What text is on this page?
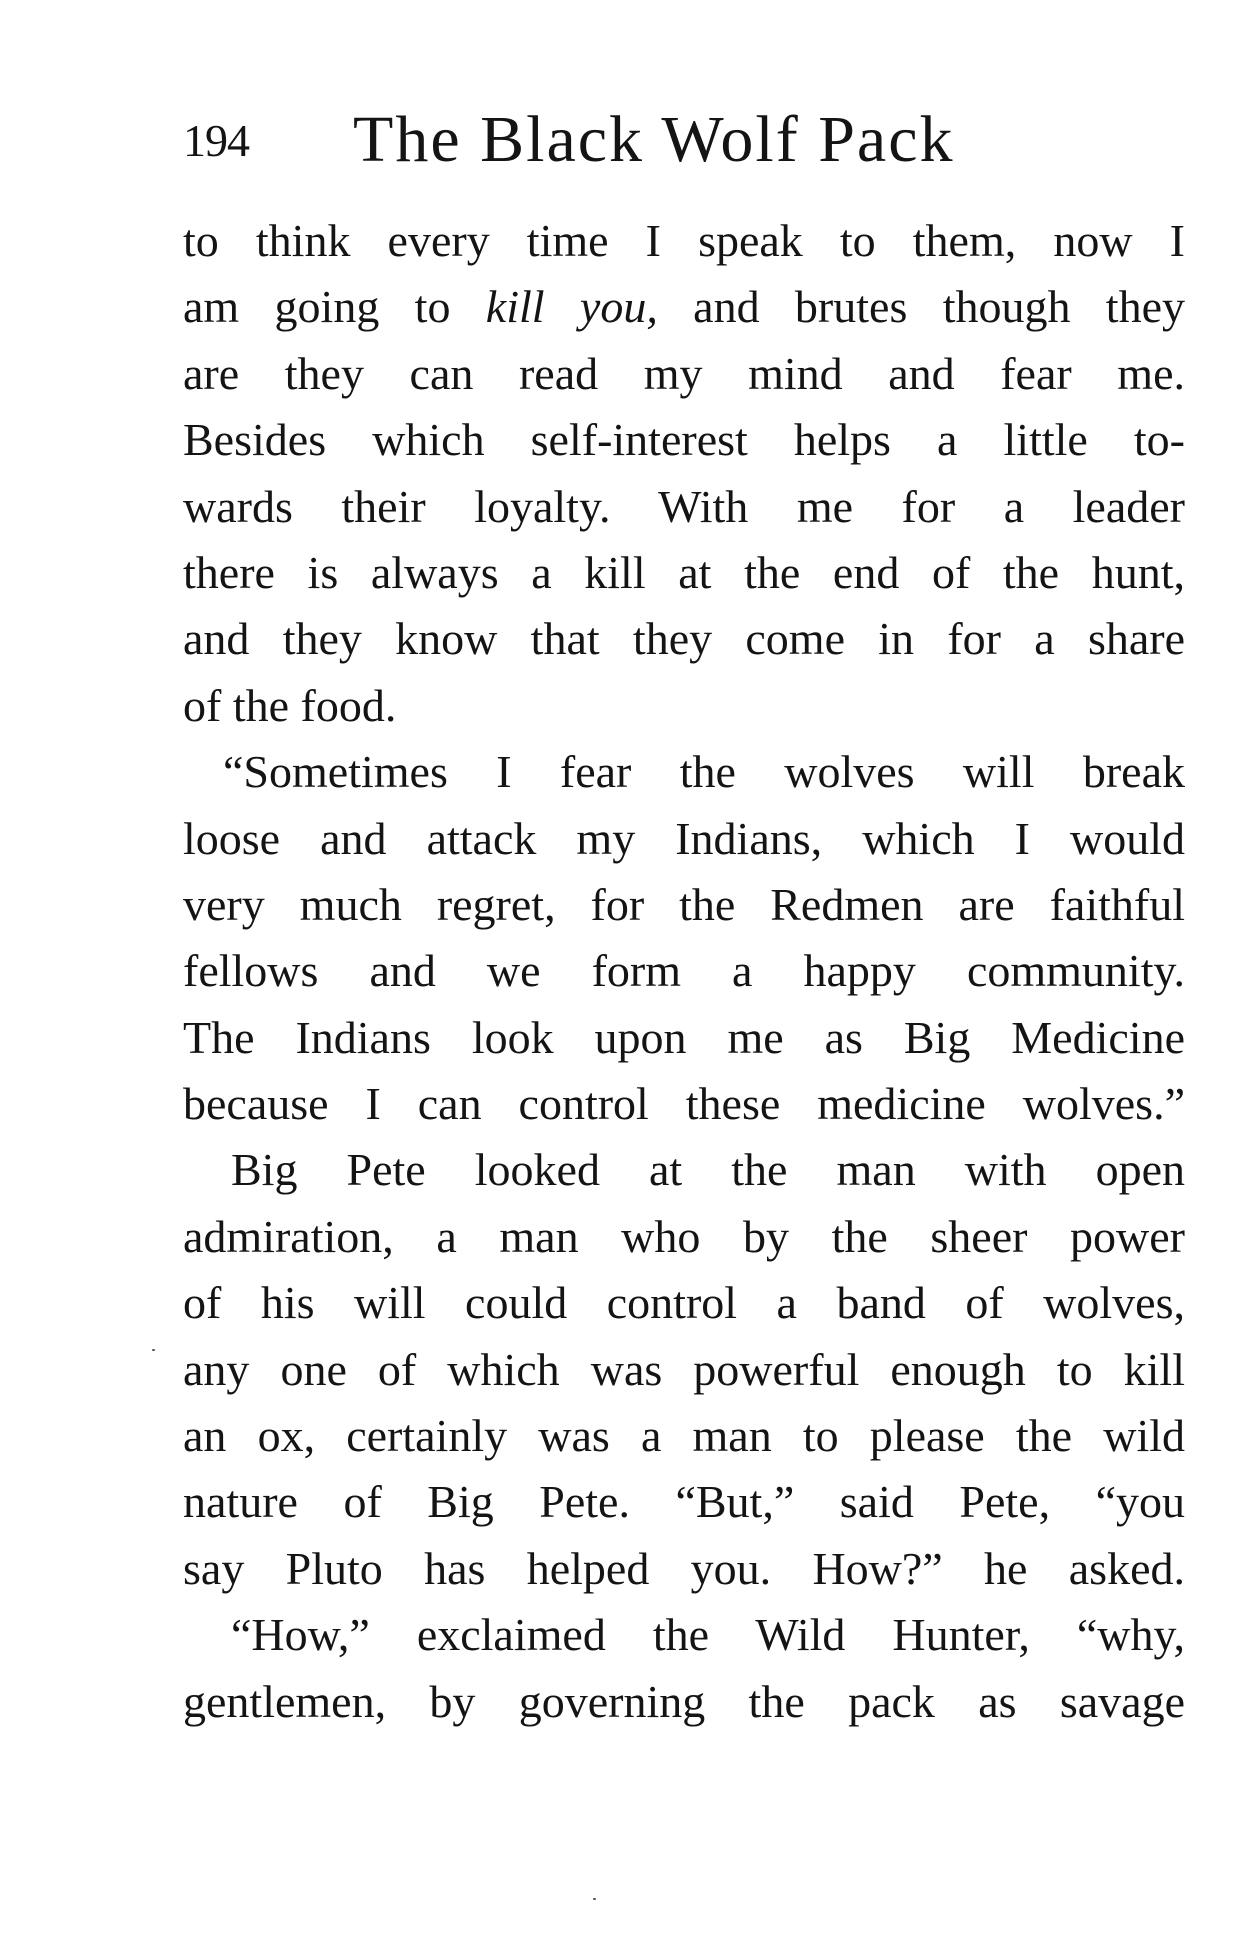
194 The Black Wolf Pack
to think every time I speak to them, now I
am going to kill you, and brutes though they
are they can read my mind and fear me.
Besides which self-interest helps a little to-
wards their loyalty. With me for a leader
there is always a kill at the end of the hunt,
and they know that they come in for a share
of the food.
“Sometimes I fear the wolves will break
loose and attack my Indians, which I would
very much regret, for the Redmen are faithful
fellows and we form a happy community.
The Indians look upon me as Big Medicine
because I can control these medicine wolves.”
Big Pete looked at the man with open
admiration, a man who by the sheer power
of his will could control a band of wolves,
any one of which was powerful enough to kill
an ox, certainly was a man to please the wild
nature of Big Pete. “But,” said Pete, “you
say Pluto has helped you. How?” he asked.
“How,” exclaimed the Wild Hunter, “why,
gentlemen, by governing the pack as savage
